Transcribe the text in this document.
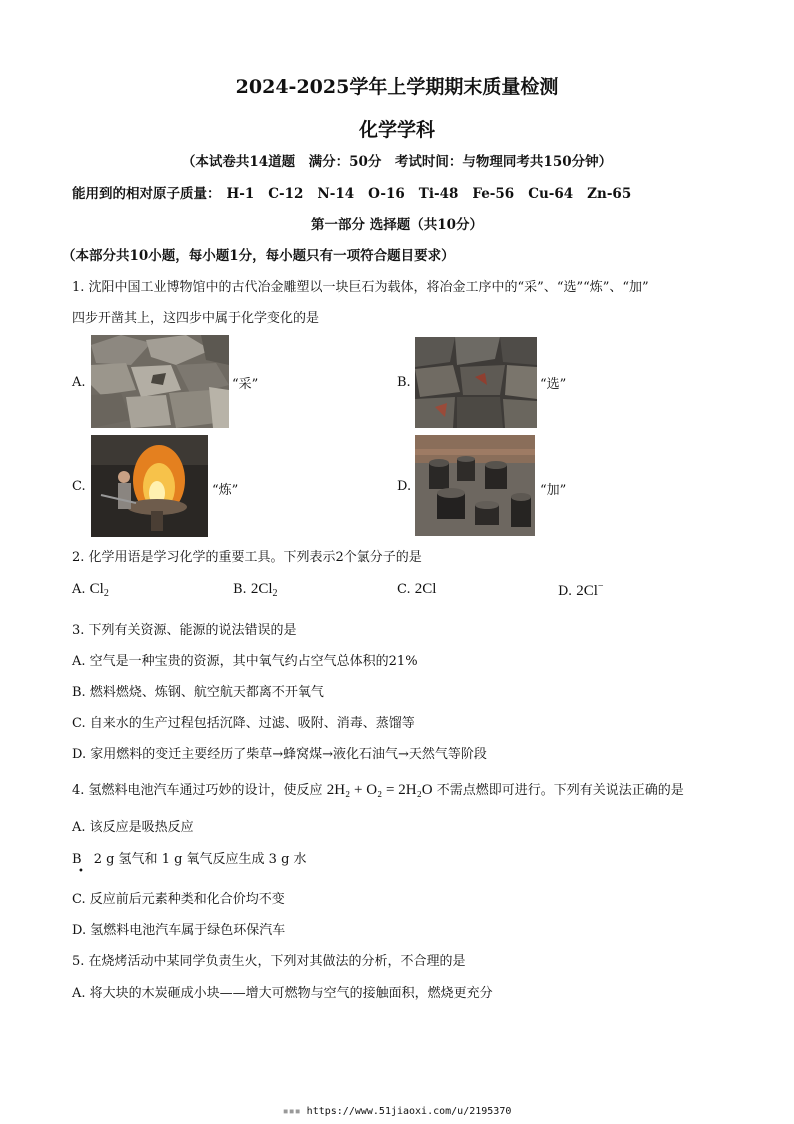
2024-2025学年上学期期末质量检测
化学学科
（本试卷共14道题　满分：50分　考试时间：与物理同考共150分钟）
能用到的相对原子质量： H-1 C-12 N-14 O-16 Ti-48 Fe-56 Cu-64 Zn-65
第一部分 选择题（共10分）
（本部分共10小题，每小题1分，每小题只有一项符合题目要求）
1. 沈阳中国工业博物馆中的古代冶金雕塑以一块巨石为载体，将冶金工序中的“采”、“选”“炼”、“加”
四步开凿其上，这四步中属于化学变化的是
A.	“采”	B.	“选”
C.	“炼”	D.	“加”
2. 化学用语是学习化学的重要工具。下列表示2个氯分子的是
A. $Cl_2$	B. $2Cl_2$	C. 2Cl	D. 2Cl−
3. 下列有关资源、能源的说法错误的是
A. 空气是一种宝贵的资源，其中氧气约占空气总体积的21%
B. 燃料燃烧、炼钢、航空航天都离不开氧气
C. 自来水的生产过程包括沉降、过滤、吸附、消毒、蒸馏等
D. 家用燃料的变迁主要经历了柴草→蜂窝煤→液化石油气→天然气等阶段
4. 氢燃料电池汽车通过巧妙的设计，使反应 2H₂ + O₂ = 2H₂O 不需点燃即可进行。下列有关说法正确的是
A. 该反应是吸热反应
B 2 g 氢气和 1 g 氧气反应生成 3 g 水
•
C. 反应前后元素种类和化合价均不变
D. 氢燃料电池汽车属于绿色环保汽车
5. 在烧烤活动中某同学负责生火，下列对其做法的分析，不合理的是
A. 将大块的木炭砸成小块——增大可燃物与空气的接触面积，燃烧更充分
▪▪▪ https://www.51jiaoxi.com/u/2195370
